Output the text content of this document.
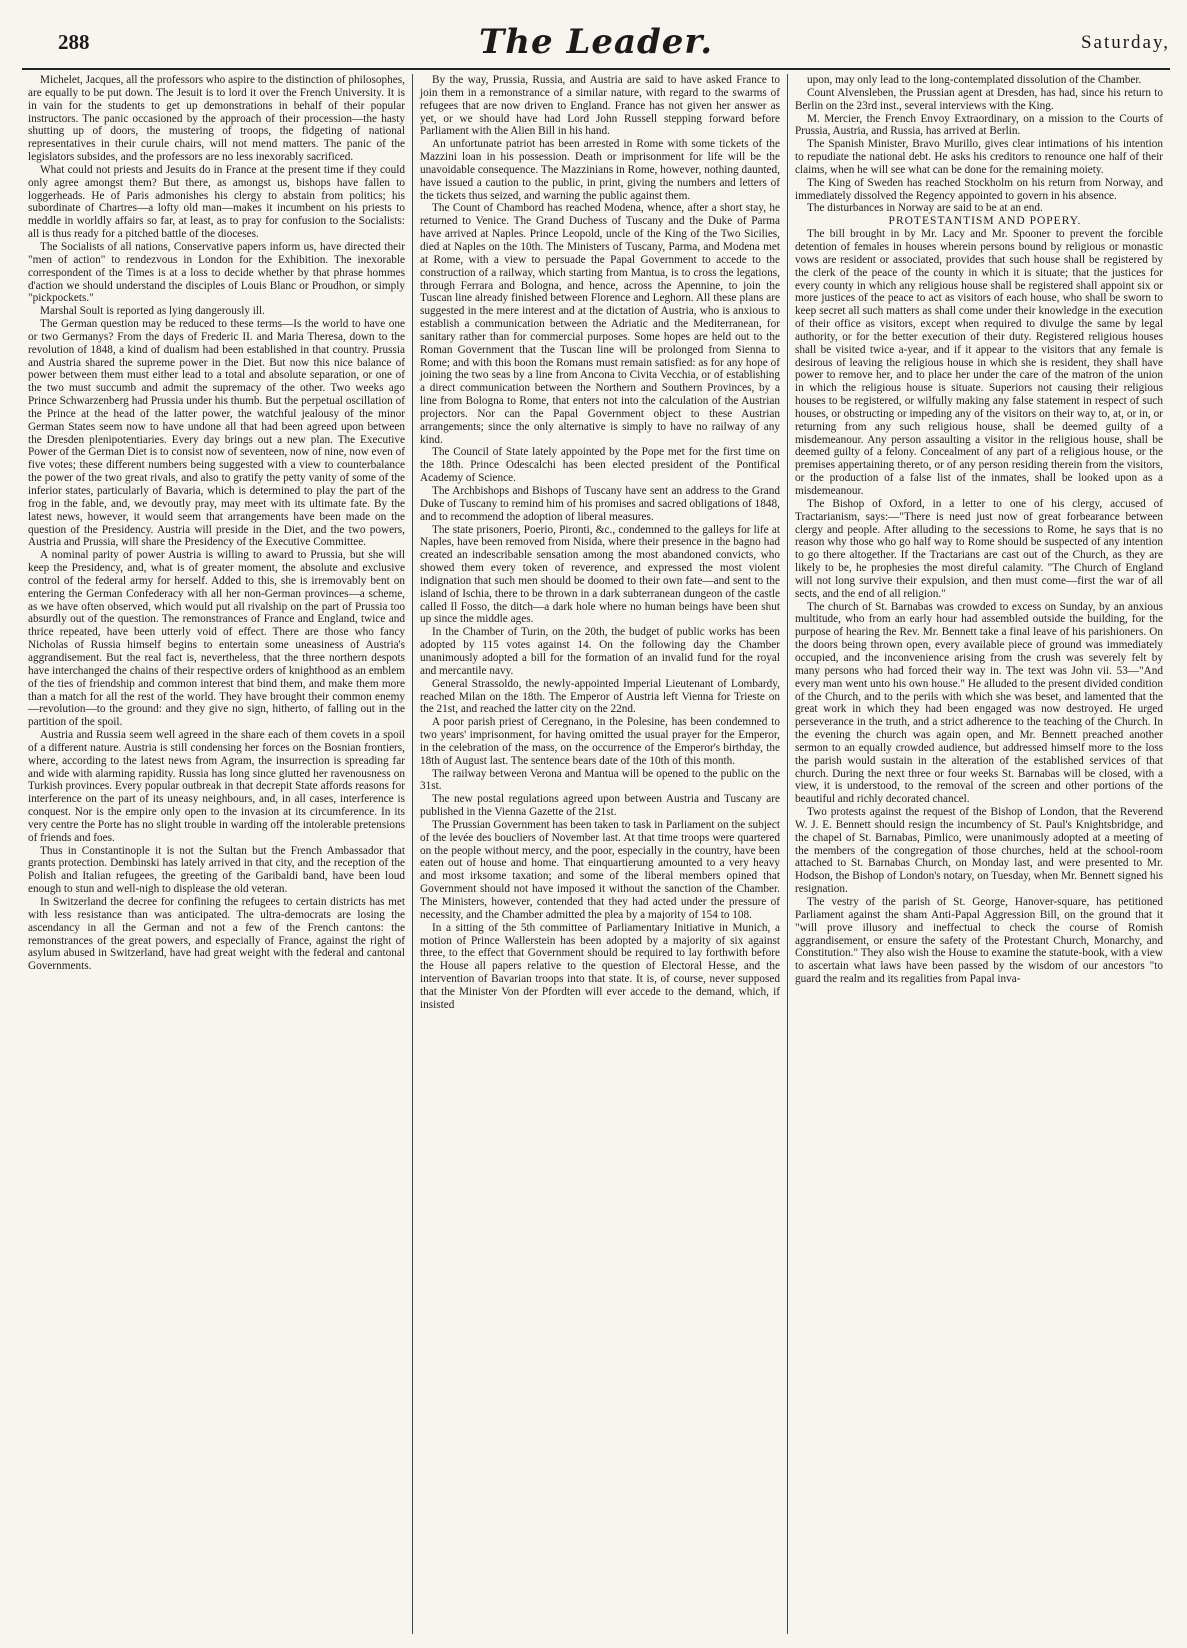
288	The Leader.	Saturday,

Michelet, Jacques, all the professors who aspire to the distinction of philosophes, are equally to be put down. The Jesuit is to lord it over the French University. It is in vain for the students to get up demonstrations in behalf of their popular instructors. The panic occasioned by the approach of their procession—the hasty shutting up of doors, the mustering of troops, the fidgeting of national representatives in their curule chairs, will not mend matters. The panic of the legislators subsides, and the professors are no less inexorably sacrificed.

What could not priests and Jesuits do in France at the present time if they could only agree amongst them? But there, as amongst us, bishops have fallen to loggerheads. He of Paris admonishes his clergy to abstain from politics; his subordinate of Chartres—a lofty old man—makes it incumbent on his priests to meddle in worldly affairs so far, at least, as to pray for confusion to the Socialists: all is thus ready for a pitched battle of the dioceses.

The Socialists of all nations, Conservative papers inform us, have directed their "men of action" to rendezvous in London for the Exhibition. The inexorable correspondent of the Times is at a loss to decide whether by that phrase hommes d'action we should understand the disciples of Louis Blanc or Proudhon, or simply "pickpockets."

Marshal Soult is reported as lying dangerously ill.

The German question may be reduced to these terms—Is the world to have one or two Germanys? From the days of Frederic II. and Maria Theresa, down to the revolution of 1848, a kind of dualism had been established in that country. Prussia and Austria shared the supreme power in the Diet. But now this nice balance of power between them must either lead to a total and absolute separation, or one of the two must succumb and admit the supremacy of the other. Two weeks ago Prince Schwarzenberg had Prussia under his thumb. But the perpetual oscillation of the Prince at the head of the latter power, the watchful jealousy of the minor German States seem now to have undone all that had been agreed upon between the Dresden plenipotentiaries. Every day brings out a new plan. The Executive Power of the German Diet is to consist now of seventeen, now of nine, now even of five votes; these different numbers being suggested with a view to counterbalance the power of the two great rivals, and also to gratify the petty vanity of some of the inferior states, particularly of Bavaria, which is determined to play the part of the frog in the fable, and, we devoutly pray, may meet with its ultimate fate. By the latest news, however, it would seem that arrangements have been made on the question of the Presidency. Austria will preside in the Diet, and the two powers, Austria and Prussia, will share the Presidency of the Executive Committee.

A nominal parity of power Austria is willing to award to Prussia, but she will keep the Presidency, and, what is of greater moment, the absolute and exclusive control of the federal army for herself. Added to this, she is irremovably bent on entering the German Confederacy with all her non-German provinces—a scheme, as we have often observed, which would put all rivalship on the part of Prussia too absurdly out of the question. The remonstrances of France and England, twice and thrice repeated, have been utterly void of effect. There are those who fancy Nicholas of Russia himself begins to entertain some uneasiness of Austria's aggrandisement. But the real fact is, nevertheless, that the three northern despots have interchanged the chains of their respective orders of knighthood as an emblem of the ties of friendship and common interest that bind them, and make them more than a match for all the rest of the world. They have brought their common enemy—revolution—to the ground: and they give no sign, hitherto, of falling out in the partition of the spoil.

Austria and Russia seem well agreed in the share each of them covets in a spoil of a different nature. Austria is still condensing her forces on the Bosnian frontiers, where, according to the latest news from Agram, the insurrection is spreading far and wide with alarming rapidity. Russia has long since glutted her ravenousness on Turkish provinces. Every popular outbreak in that decrepit State affords reasons for interference on the part of its uneasy neighbours, and, in all cases, interference is conquest. Nor is the empire only open to the invasion at its circumference. In its very centre the Porte has no slight trouble in warding off the intolerable pretensions of friends and foes.

Thus in Constantinople it is not the Sultan but the French Ambassador that grants protection. Dembinski has lately arrived in that city, and the reception of the Polish and Italian refugees, the greeting of the Garibaldi band, have been loud enough to stun and well-nigh to displease the old veteran.

In Switzerland the decree for confining the refugees to certain districts has met with less resistance than was anticipated. The ultra-democrats are losing the ascendancy in all the German and not a few of the French cantons: the remonstrances of the great powers, and especially of France, against the right of asylum abused in Switzerland, have had great weight with the federal and cantonal Governments.

By the way, Prussia, Russia, and Austria are said to have asked France to join them in a remonstrance of a similar nature, with regard to the swarms of refugees that are now driven to England. France has not given her answer as yet, or we should have had Lord John Russell stepping forward before Parliament with the Alien Bill in his hand.

An unfortunate patriot has been arrested in Rome with some tickets of the Mazzini loan in his possession. Death or imprisonment for life will be the unavoidable consequence. The Mazzinians in Rome, however, nothing daunted, have issued a caution to the public, in print, giving the numbers and letters of the tickets thus seized, and warning the public against them.

The Count of Chambord has reached Modena, whence, after a short stay, he returned to Venice. The Grand Duchess of Tuscany and the Duke of Parma have arrived at Naples. Prince Leopold, uncle of the King of the Two Sicilies, died at Naples on the 10th. The Ministers of Tuscany, Parma, and Modena met at Rome, with a view to persuade the Papal Government to accede to the construction of a railway, which starting from Mantua, is to cross the legations, through Ferrara and Bologna, and hence, across the Apennine, to join the Tuscan line already finished between Florence and Leghorn. All these plans are suggested in the mere interest and at the dictation of Austria, who is anxious to establish a communication between the Adriatic and the Mediterranean, for sanitary rather than for commercial purposes. Some hopes are held out to the Roman Government that the Tuscan line will be prolonged from Sienna to Rome; and with this boon the Romans must remain satisfied: as for any hope of joining the two seas by a line from Ancona to Civita Vecchia, or of establishing a direct communication between the Northern and Southern Provinces, by a line from Bologna to Rome, that enters not into the calculation of the Austrian projectors. Nor can the Papal Government object to these Austrian arrangements; since the only alternative is simply to have no railway of any kind.

The Council of State lately appointed by the Pope met for the first time on the 18th. Prince Odescalchi has been elected president of the Pontifical Academy of Science.

The Archbishops and Bishops of Tuscany have sent an address to the Grand Duke of Tuscany to remind him of his promises and sacred obligations of 1848, and to recommend the adoption of liberal measures.

The state prisoners, Poerio, Pironti, &c., condemned to the galleys for life at Naples, have been removed from Nisida, where their presence in the bagno had created an indescribable sensation among the most abandoned convicts, who showed them every token of reverence, and expressed the most violent indignation that such men should be doomed to their own fate—and sent to the island of Ischia, there to be thrown in a dark subterranean dungeon of the castle called Il Fosso, the ditch—a dark hole where no human beings have been shut up since the middle ages.

In the Chamber of Turin, on the 20th, the budget of public works has been adopted by 115 votes against 14. On the following day the Chamber unanimously adopted a bill for the formation of an invalid fund for the royal and mercantile navy.

General Strassoldo, the newly-appointed Imperial Lieutenant of Lombardy, reached Milan on the 18th. The Emperor of Austria left Vienna for Trieste on the 21st, and reached the latter city on the 22nd.

A poor parish priest of Ceregnano, in the Polesine, has been condemned to two years' imprisonment, for having omitted the usual prayer for the Emperor, in the celebration of the mass, on the occurrence of the Emperor's birthday, the 18th of August last. The sentence bears date of the 10th of this month.

The railway between Verona and Mantua will be opened to the public on the 31st.

The new postal regulations agreed upon between Austria and Tuscany are published in the Vienna Gazette of the 21st.

The Prussian Government has been taken to task in Parliament on the subject of the levée des boucliers of November last. At that time troops were quartered on the people without mercy, and the poor, especially in the country, have been eaten out of house and home. That einquartierung amounted to a very heavy and most irksome taxation; and some of the liberal members opined that Government should not have imposed it without the sanction of the Chamber. The Ministers, however, contended that they had acted under the pressure of necessity, and the Chamber admitted the plea by a majority of 154 to 108.

In a sitting of the 5th committee of Parliamentary Initiative in Munich, a motion of Prince Wallerstein has been adopted by a majority of six against three, to the effect that Government should be required to lay forthwith before the House all papers relative to the question of Electoral Hesse, and the intervention of Bavarian troops into that state. It is, of course, never supposed that the Minister Von der Pfordten will ever accede to the demand, which, if insisted

upon, may only lead to the long-contemplated dissolution of the Chamber.

Count Alvensleben, the Prussian agent at Dresden, has had, since his return to Berlin on the 23rd inst., several interviews with the King.

M. Mercier, the French Envoy Extraordinary, on a mission to the Courts of Prussia, Austria, and Russia, has arrived at Berlin.

The Spanish Minister, Bravo Murillo, gives clear intimations of his intention to repudiate the national debt. He asks his creditors to renounce one half of their claims, when he will see what can be done for the remaining moiety.

The King of Sweden has reached Stockholm on his return from Norway, and immediately dissolved the Regency appointed to govern in his absence.

The disturbances in Norway are said to be at an end.

PROTESTANTISM AND POPERY.

The bill brought in by Mr. Lacy and Mr. Spooner to prevent the forcible detention of females in houses wherein persons bound by religious or monastic vows are resident or associated, provides that such house shall be registered by the clerk of the peace of the county in which it is situate; that the justices for every county in which any religious house shall be registered shall appoint six or more justices of the peace to act as visitors of each house, who shall be sworn to keep secret all such matters as shall come under their knowledge in the execution of their office as visitors, except when required to divulge the same by legal authority, or for the better execution of their duty. Registered religious houses shall be visited twice a-year, and if it appear to the visitors that any female is desirous of leaving the religious house in which she is resident, they shall have power to remove her, and to place her under the care of the matron of the union in which the religious house is situate. Superiors not causing their religious houses to be registered, or wilfully making any false statement in respect of such houses, or obstructing or impeding any of the visitors on their way to, at, or in, or returning from any such religious house, shall be deemed guilty of a misdemeanour. Any person assaulting a visitor in the religious house, shall be deemed guilty of a felony. Concealment of any part of a religious house, or the premises appertaining thereto, or of any person residing therein from the visitors, or the production of a false list of the inmates, shall be looked upon as a misdemeanour.

The Bishop of Oxford, in a letter to one of his clergy, accused of Tractarianism, says:—"There is need just now of great forbearance between clergy and people. After alluding to the secessions to Rome, he says that is no reason why those who go half way to Rome should be suspected of any intention to go there altogether. If the Tractarians are cast out of the Church, as they are likely to be, he prophesies the most direful calamity. "The Church of England will not long survive their expulsion, and then must come—first the war of all sects, and the end of all religion."

The church of St. Barnabas was crowded to excess on Sunday, by an anxious multitude, who from an early hour had assembled outside the building, for the purpose of hearing the Rev. Mr. Bennett take a final leave of his parishioners. On the doors being thrown open, every available piece of ground was immediately occupied, and the inconvenience arising from the crush was severely felt by many persons who had forced their way in. The text was John vii. 53—"And every man went unto his own house." He alluded to the present divided condition of the Church, and to the perils with which she was beset, and lamented that the great work in which they had been engaged was now destroyed. He urged perseverance in the truth, and a strict adherence to the teaching of the Church. In the evening the church was again open, and Mr. Bennett preached another sermon to an equally crowded audience, but addressed himself more to the loss the parish would sustain in the alteration of the established services of that church. During the next three or four weeks St. Barnabas will be closed, with a view, it is understood, to the removal of the screen and other portions of the beautiful and richly decorated chancel.

Two protests against the request of the Bishop of London, that the Reverend W. J. E. Bennett should resign the incumbency of St. Paul's Knightsbridge, and the chapel of St. Barnabas, Pimlico, were unanimously adopted at a meeting of the members of the congregation of those churches, held at the school-room attached to St. Barnabas Church, on Monday last, and were presented to Mr. Hodson, the Bishop of London's notary, on Tuesday, when Mr. Bennett signed his resignation.

The vestry of the parish of St. George, Hanover-square, has petitioned Parliament against the sham Anti-Papal Aggression Bill, on the ground that it "will prove illusory and ineffectual to check the course of Romish aggrandisement, or ensure the safety of the Protestant Church, Monarchy, and Constitution." They also wish the House to examine the statute-book, with a view to ascertain what laws have been passed by the wisdom of our ancestors "to guard the realm and its regalities from Papal inva-
